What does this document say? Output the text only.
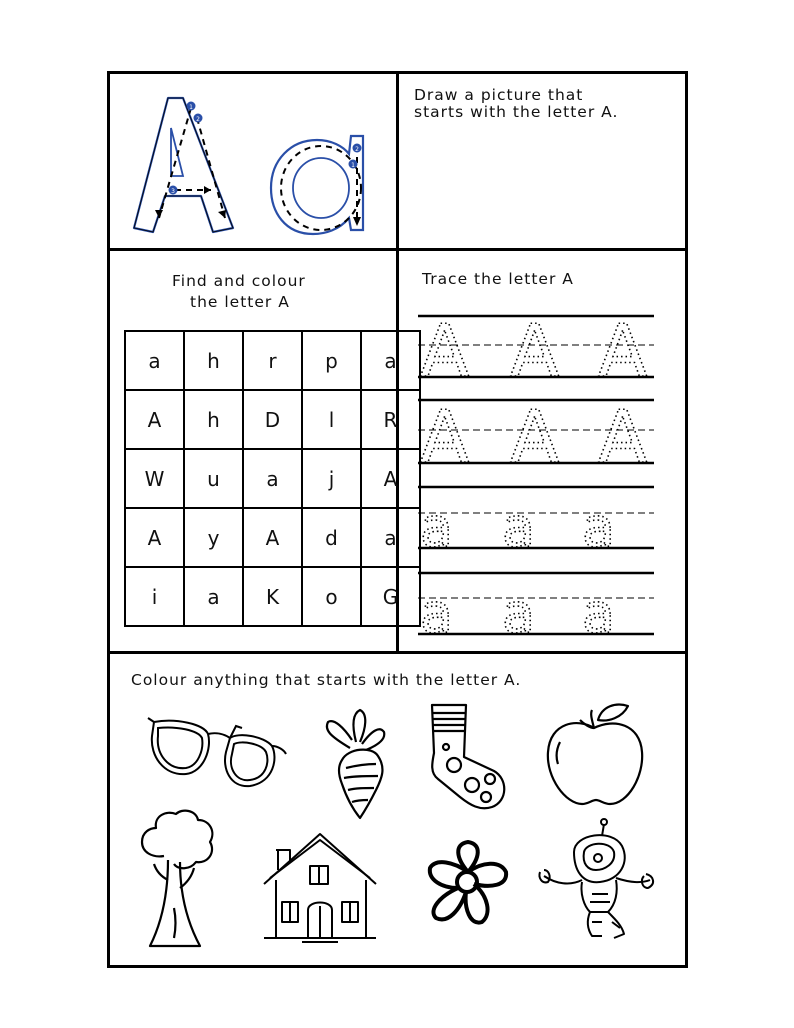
1
2
3
2
1
Draw a picture that
starts with the letter A.
Find and colour
the letter A
a	h	r	p	a
A	h	D	l	R
W	u	a	j	A
A	y	A	d	a
i	a	K	o	G
Trace the letter A
A A A
A A A
a a a
a a a
Colour anything that starts with the letter A.
